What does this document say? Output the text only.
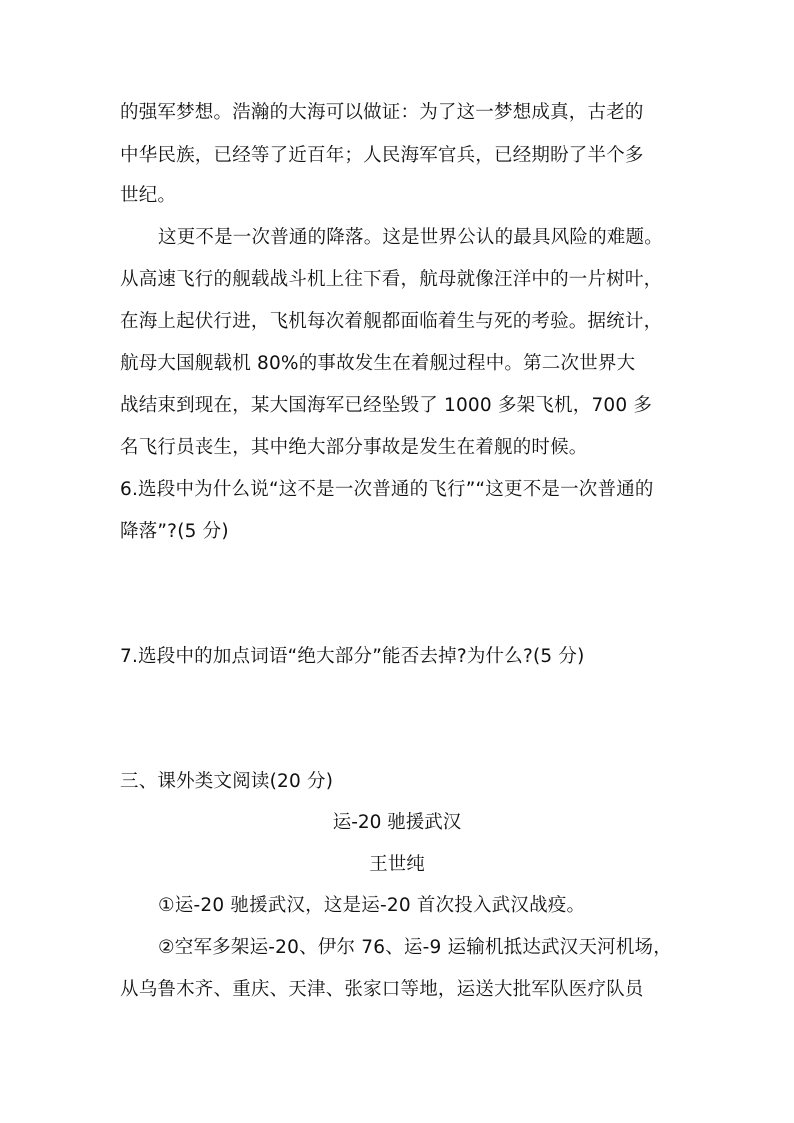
的强军梦想。浩瀚的大海可以做证：为了这一梦想成真，古老的
中华民族，已经等了近百年；人民海军官兵，已经期盼了半个多
世纪。
这更不是一次普通的降落。这是世界公认的最具风险的难题。
从高速飞行的舰载战斗机上往下看，航母就像汪洋中的一片树叶，
在海上起伏行进，飞机每次着舰都面临着生与死的考验。据统计，
航母大国舰载机 80%的事故发生在着舰过程中。第二次世界大
战结束到现在，某大国海军已经坠毁了 1000 多架飞机，700 多
名飞行员丧生，其中绝大部分事故是发生在着舰的时候。
6.选段中为什么说“这不是一次普通的飞行”“这更不是一次普通的
降落”?(5 分)
7.选段中的加点词语“绝大部分”能否去掉?为什么?(5 分)
三、课外类文阅读(20 分)
运-20 驰援武汉
王世纯
①运-20 驰援武汉，这是运-20 首次投入武汉战疫。
②空军多架运-20、伊尔 76、运-9 运输机抵达武汉天河机场，
从乌鲁木齐、重庆、天津、张家口等地，运送大批军队医疗队员
